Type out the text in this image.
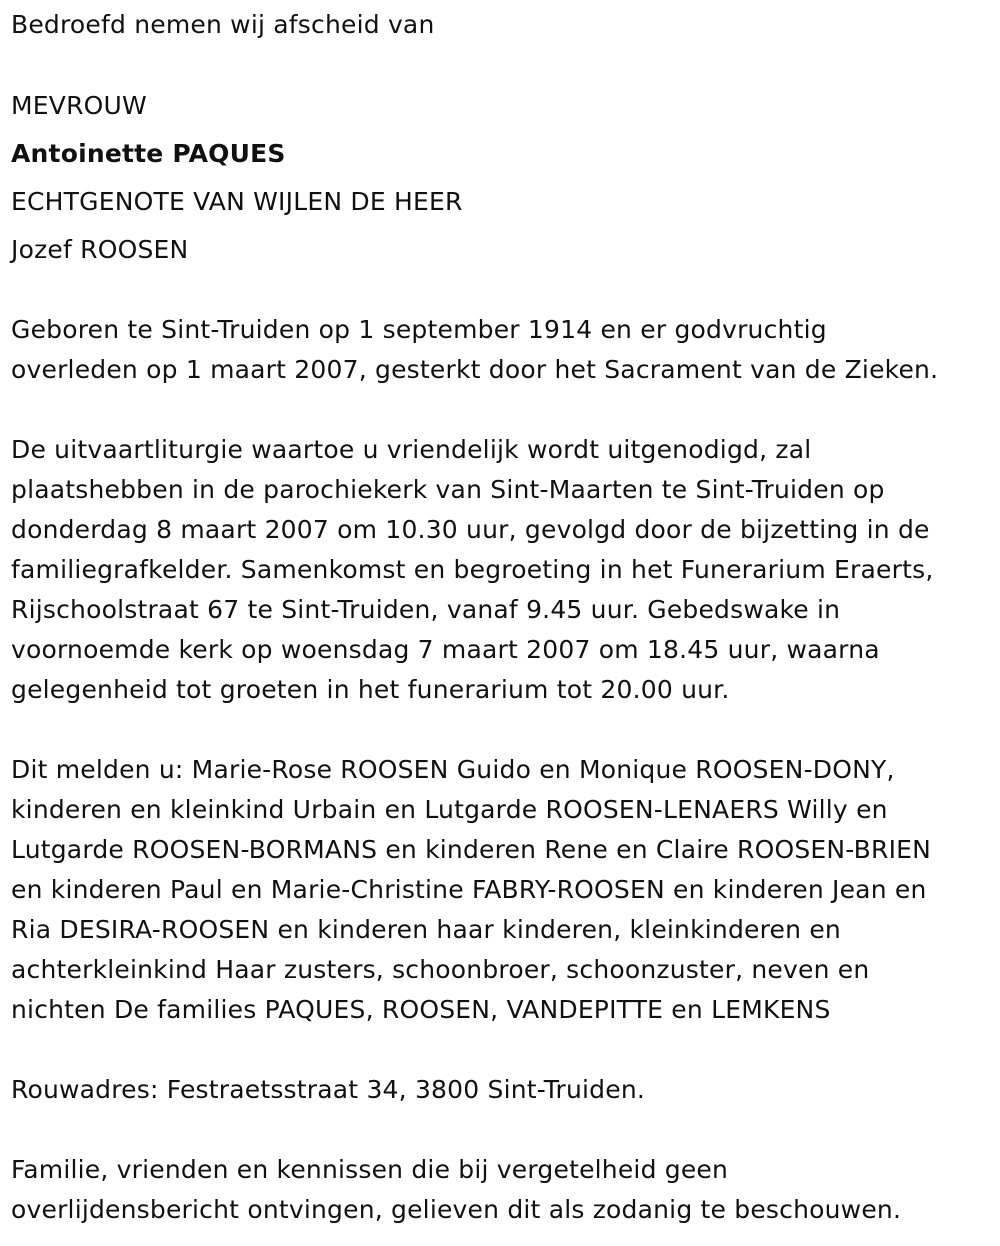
Bedroefd nemen wij afscheid van
MEVROUW
Antoinette PAQUES
ECHTGENOTE VAN WIJLEN DE HEER
Jozef ROOSEN
Geboren te Sint-Truiden op 1 september 1914 en er godvruchtig
overleden op 1 maart 2007, gesterkt door het Sacrament van de Zieken.
De uitvaartliturgie waartoe u vriendelijk wordt uitgenodigd, zal
plaatshebben in de parochiekerk van Sint-Maarten te Sint-Truiden op
donderdag 8 maart 2007 om 10.30 uur, gevolgd door de bijzetting in de
familiegrafkelder. Samenkomst en begroeting in het Funerarium Eraerts,
Rijschoolstraat 67 te Sint-Truiden, vanaf 9.45 uur. Gebedswake in
voornoemde kerk op woensdag 7 maart 2007 om 18.45 uur, waarna
gelegenheid tot groeten in het funerarium tot 20.00 uur.
Dit melden u: Marie-Rose ROOSEN Guido en Monique ROOSEN-DONY,
kinderen en kleinkind Urbain en Lutgarde ROOSEN-LENAERS Willy en
Lutgarde ROOSEN-BORMANS en kinderen Rene en Claire ROOSEN-BRIEN
en kinderen Paul en Marie-Christine FABRY-ROOSEN en kinderen Jean en
Ria DESIRA-ROOSEN en kinderen haar kinderen, kleinkinderen en
achterkleinkind Haar zusters, schoonbroer, schoonzuster, neven en
nichten De families PAQUES, ROOSEN, VANDEPITTE en LEMKENS
Rouwadres: Festraetsstraat 34, 3800 Sint-Truiden.
Familie, vrienden en kennissen die bij vergetelheid geen
overlijdensbericht ontvingen, gelieven dit als zodanig te beschouwen.
